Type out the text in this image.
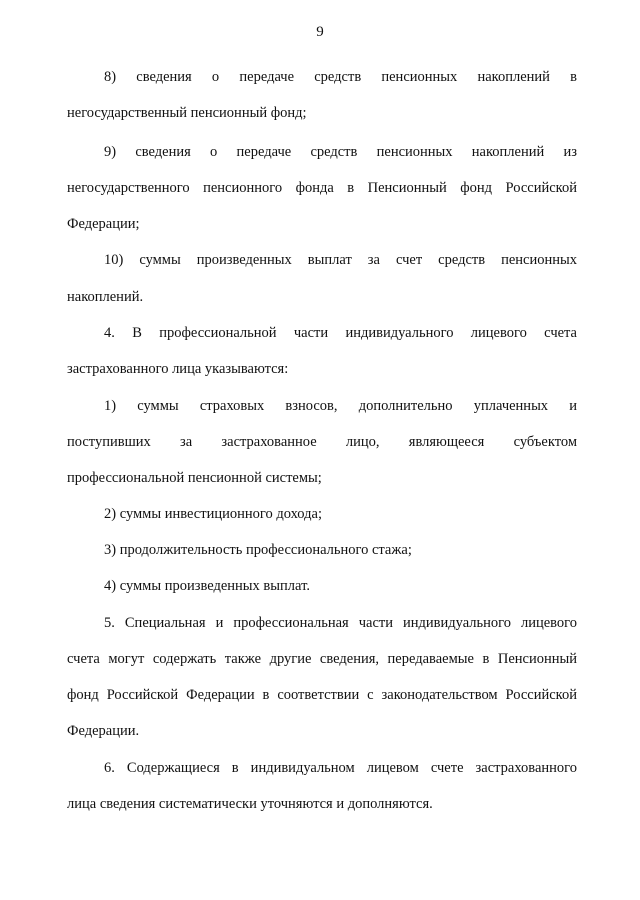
9
8) сведения о передаче средств пенсионных накоплений в
негосударственный пенсионный фонд;
9) сведения о передаче средств пенсионных накоплений из
негосударственного пенсионного фонда в Пенсионный фонд Российской
Федерации;
10) суммы произведенных выплат за счет средств пенсионных
накоплений.
4. В профессиональной части индивидуального лицевого счета
застрахованного лица указываются:
1) суммы страховых взносов, дополнительно уплаченных и
поступивших за застрахованное лицо, являющееся субъектом
профессиональной пенсионной системы;
2) суммы инвестиционного дохода;
3) продолжительность профессионального стажа;
4) суммы произведенных выплат.
5. Специальная и профессиональная части индивидуального лицевого
счета могут содержать также другие сведения, передаваемые в Пенсионный
фонд Российской Федерации в соответствии с законодательством Российской
Федерации.
6. Содержащиеся в индивидуальном лицевом счете застрахованного
лица сведения систематически уточняются и дополняются.
